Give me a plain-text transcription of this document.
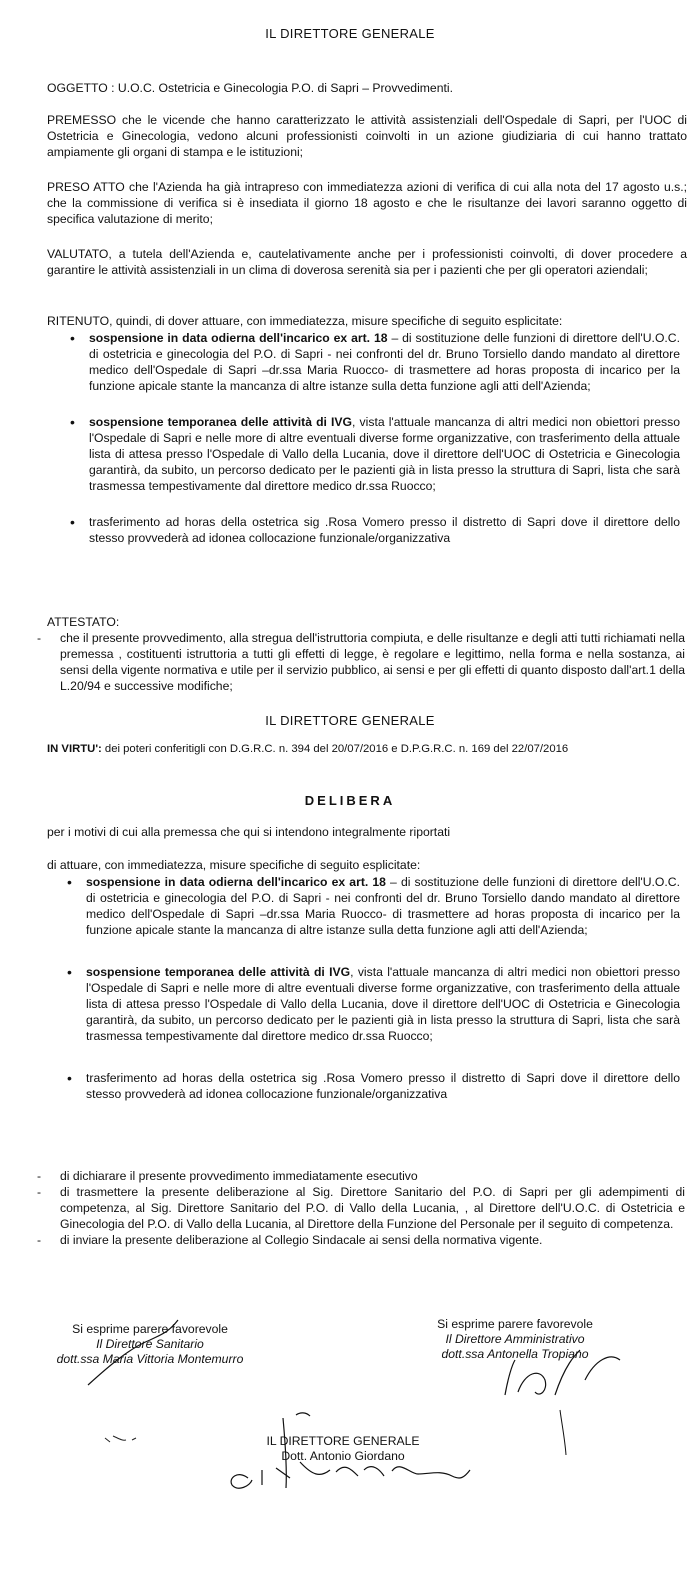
IL DIRETTORE GENERALE
OGGETTO : U.O.C. Ostetricia e Ginecologia P.O. di Sapri – Provvedimenti.
PREMESSO che le vicende che hanno caratterizzato le attività assistenziali dell'Ospedale di Sapri, per l'UOC di Ostetricia e Ginecologia, vedono alcuni professionisti coinvolti in un azione giudiziaria di cui hanno trattato ampiamente gli organi di stampa e le istituzioni;
PRESO ATTO che l'Azienda ha già intrapreso con immediatezza azioni di verifica di cui alla nota del 17 agosto u.s.; che la commissione di verifica si è insediata il giorno 18 agosto e che le risultanze dei lavori saranno oggetto di specifica valutazione di merito;
VALUTATO, a tutela dell'Azienda e, cautelativamente anche per i professionisti coinvolti, di dover procedere a garantire le attività assistenziali in un clima di doverosa serenità sia per i pazienti che per gli operatori aziendali;
RITENUTO, quindi, di dover attuare, con immediatezza, misure specifiche di seguito esplicitate:
• sospensione in data odierna dell'incarico ex art. 18 – di sostituzione delle funzioni di direttore dell'U.O.C. di ostetricia e ginecologia del P.O. di Sapri - nei confronti del dr. Bruno Torsiello dando mandato al direttore medico dell'Ospedale di Sapri –dr.ssa Maria Ruocco- di trasmettere ad horas proposta di incarico per la funzione apicale stante la mancanza di altre istanze sulla detta funzione agli atti dell'Azienda;
• sospensione temporanea delle attività di IVG, vista l'attuale mancanza di altri medici non obiettori presso l'Ospedale di Sapri e nelle more di altre eventuali diverse forme organizzative, con trasferimento della attuale lista di attesa presso l'Ospedale di Vallo della Lucania, dove il direttore dell'UOC di Ostetricia e Ginecologia garantirà, da subito, un percorso dedicato per le pazienti già in lista presso la struttura di Sapri, lista che sarà trasmessa tempestivamente dal direttore medico dr.ssa Ruocco;
• trasferimento ad horas della ostetrica sig .Rosa Vomero presso il distretto di Sapri dove il direttore dello stesso provvederà ad idonea collocazione funzionale/organizzativa
ATTESTATO:
- che il presente provvedimento, alla stregua dell'istruttoria compiuta, e delle risultanze e degli atti tutti richiamati nella premessa , costituenti istruttoria a tutti gli effetti di legge, è regolare e legittimo, nella forma e nella sostanza, ai sensi della vigente normativa e utile per il servizio pubblico, ai sensi e per gli effetti di quanto disposto dall'art.1 della L.20/94 e successive modifiche;
IL DIRETTORE GENERALE
IN VIRTU': dei poteri conferitigli con D.G.R.C. n. 394 del 20/07/2016 e D.P.G.R.C. n. 169 del 22/07/2016
DELIBERA
per i motivi di cui alla premessa che qui si intendono integralmente riportati
di attuare, con immediatezza, misure specifiche di seguito esplicitate:
• sospensione in data odierna dell'incarico ex art. 18 – di sostituzione delle funzioni di direttore dell'U.O.C. di ostetricia e ginecologia del P.O. di Sapri - nei confronti del dr. Bruno Torsiello dando mandato al direttore medico dell'Ospedale di Sapri –dr.ssa Maria Ruocco- di trasmettere ad horas proposta di incarico per la funzione apicale stante la mancanza di altre istanze sulla detta funzione agli atti dell'Azienda;
• sospensione temporanea delle attività di IVG, vista l'attuale mancanza di altri medici non obiettori presso l'Ospedale di Sapri e nelle more di altre eventuali diverse forme organizzative, con trasferimento della attuale lista di attesa presso l'Ospedale di Vallo della Lucania, dove il direttore dell'UOC di Ostetricia e Ginecologia garantirà, da subito, un percorso dedicato per le pazienti già in lista presso la struttura di Sapri, lista che sarà trasmessa tempestivamente dal direttore medico dr.ssa Ruocco;
• trasferimento ad horas della ostetrica sig .Rosa Vomero presso il distretto di Sapri dove il direttore dello stesso provvederà ad idonea collocazione funzionale/organizzativa
- di dichiarare il presente provvedimento immediatamente esecutivo
- di trasmettere la presente deliberazione al Sig. Direttore Sanitario del P.O. di Sapri per gli adempimenti di competenza, al Sig. Direttore Sanitario del P.O. di Vallo della Lucania, , al Direttore dell'U.O.C. di Ostetricia e Ginecologia del P.O. di Vallo della Lucania, al Direttore della Funzione del Personale per il seguito di competenza.
- di inviare la presente deliberazione al Collegio Sindacale ai sensi della normativa vigente.
Si esprime parere favorevole
Il Direttore Sanitario
dott.ssa Maria Vittoria Montemurro
Si esprime parere favorevole
Il Direttore Amministrativo
dott.ssa Antonella Tropiano
IL DIRETTORE GENERALE
Dott. Antonio Giordano
